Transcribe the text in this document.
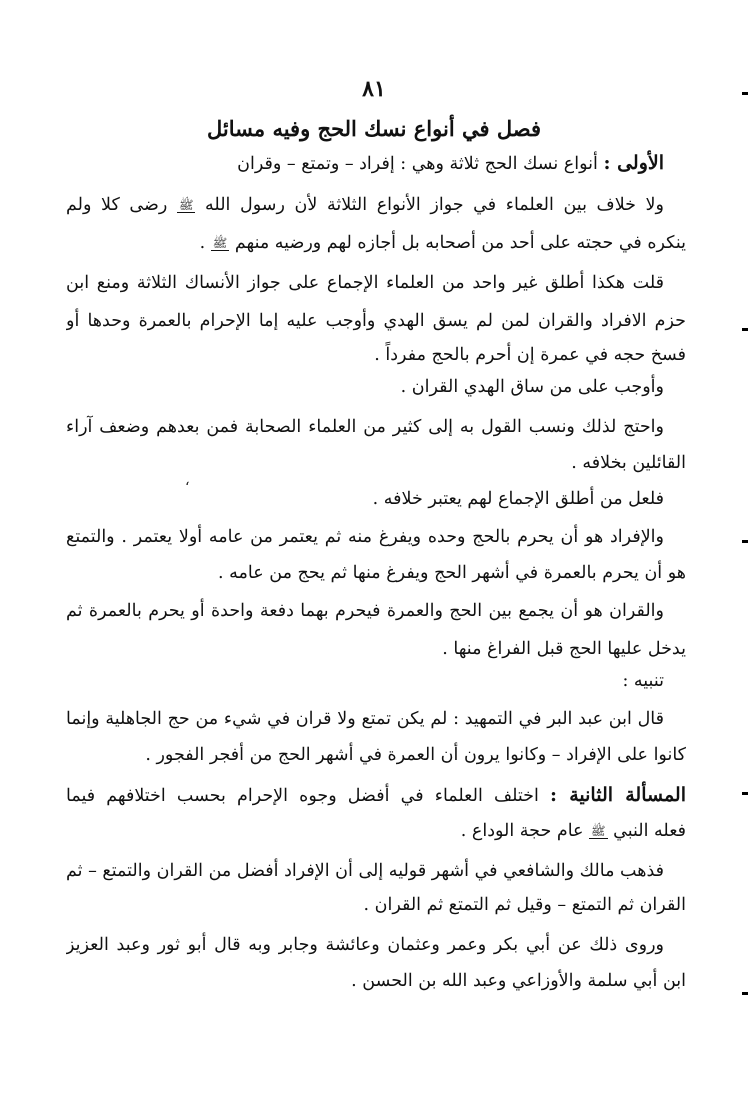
٨١
فصل في أنواع نسك الحج وفيه مسائل
الأولى : أنواع نسك الحج ثلاثة وهي : إفراد – وتمتع – وقران
ولا خلاف بين العلماء في جواز الأنواع الثلاثة لأن رسول الله ﷺ رضى كلا ولم
ينكره في حجته على أحد من أصحابه بل أجازه لهم ورضيه منهم ﷺ .
قلت هكذا أطلق غير واحد من العلماء الإجماع على جواز الأنساك الثلاثة ومنع ابن
حزم الافراد والقران لمن لم يسق الهدي وأوجب عليه إما الإحرام بالعمرة وحدها أو
فسخ حجه في عمرة إن أحرم بالحج مفرداً .
وأوجب على من ساق الهدي القران .
واحتج لذلك ونسب القول به إلى كثير من العلماء الصحابة فمن بعدهم وضعف آراء
القائلين بخلافه .
فلعل من أطلق الإجماع لهم يعتبر خلافه .
والإفراد هو أن يحرم بالحج وحده ويفرغ منه ثم يعتمر من عامه أولا يعتمر . والتمتع
هو أن يحرم بالعمرة في أشهر الحج ويفرغ منها ثم يحج من عامه .
والقران هو أن يجمع بين الحج والعمرة فيحرم بهما دفعة واحدة أو يحرم بالعمرة ثم
يدخل عليها الحج قبل الفراغ منها .
تنبيه :
قال ابن عبد البر في التمهيد : لم يكن تمتع ولا قران في شيء من حج الجاهلية وإنما
كانوا على الإفراد – وكانوا يرون أن العمرة في أشهر الحج من أفجر الفجور .
المسألة الثانية : اختلف العلماء في أفضل وجوه الإحرام بحسب اختلافهم فيما
فعله النبي ﷺ عام حجة الوداع .
فذهب مالك والشافعي في أشهر قوليه إلى أن الإفراد أفضل من القران والتمتع – ثم
القران ثم التمتع – وقيل ثم التمتع ثم القران .
وروى ذلك عن أبي بكر وعمر وعثمان وعائشة وجابر وبه قال أبو ثور وعبد العزيز
ابن أبي سلمة والأوزاعي وعبد الله بن الحسن .
ʻ
